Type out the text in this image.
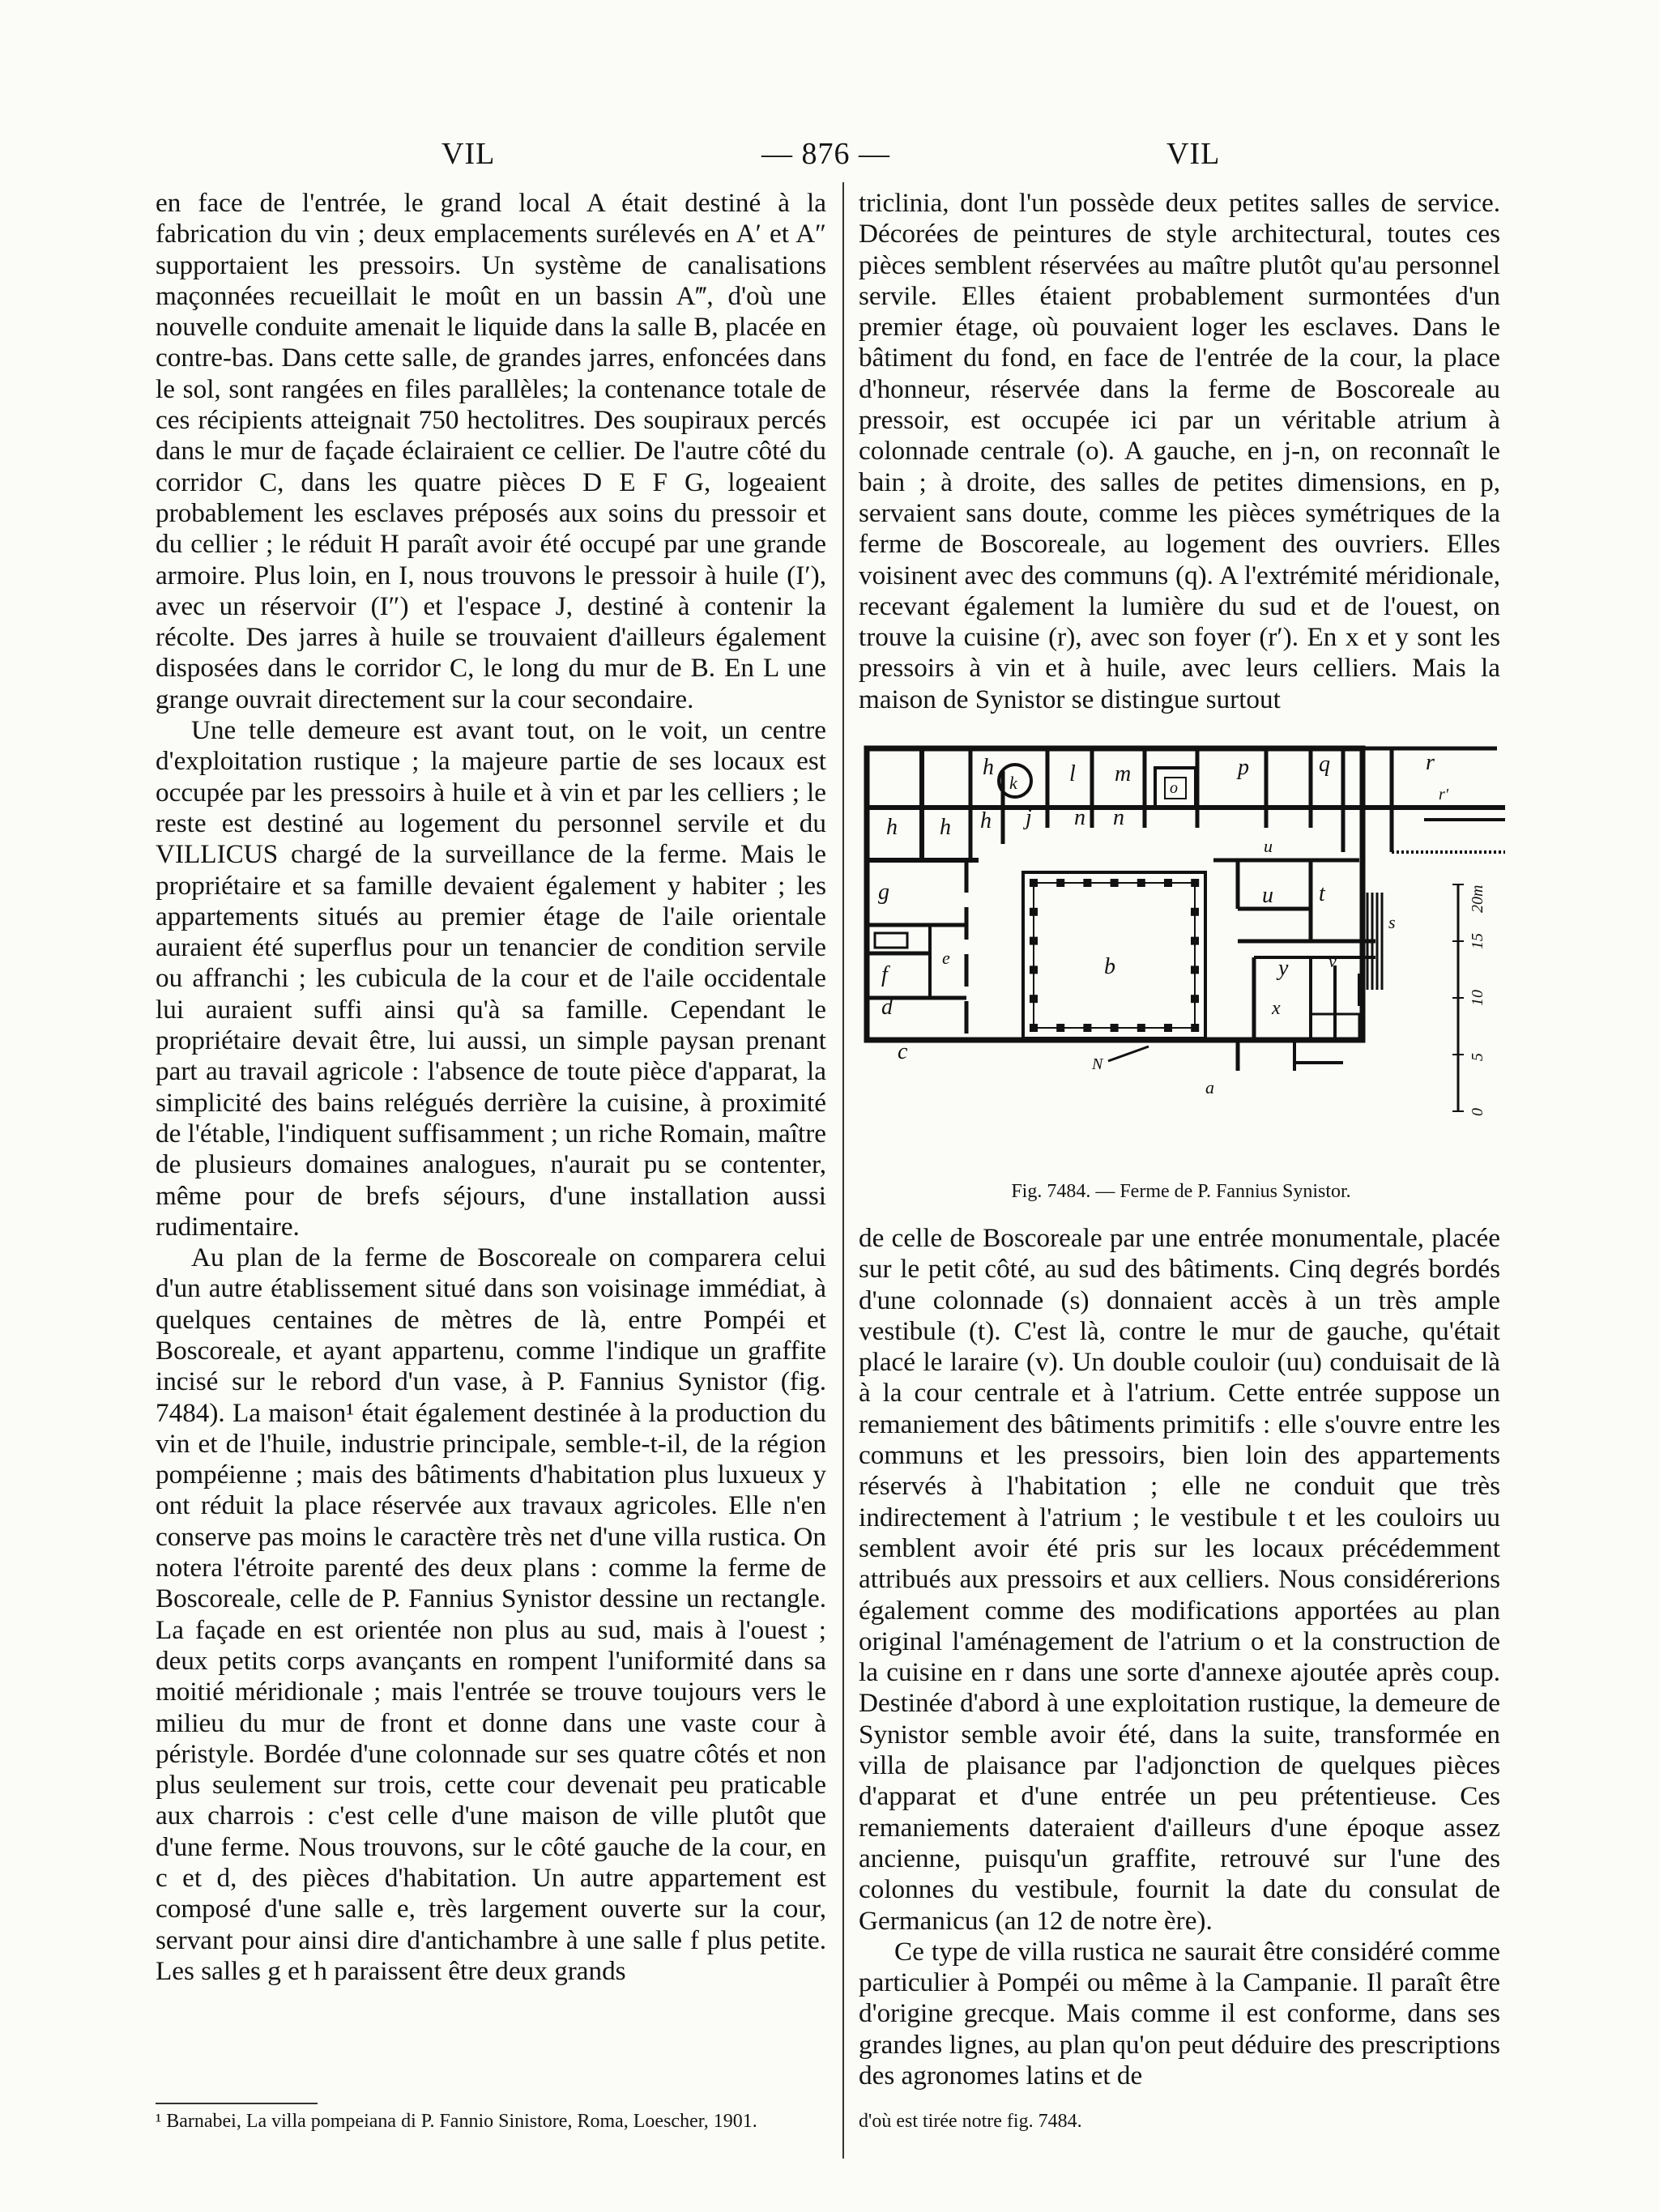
VIL	— 876 —	VIL

en face de l'entrée, le grand local A était destiné à la fabrication du vin ; deux emplacements surélevés en A′ et A″ supportaient les pressoirs. Un système de canalisations maçonnées recueillait le moût en un bassin A‴, d'où une nouvelle conduite amenait le liquide dans la salle B, placée en contre-bas. Dans cette salle, de grandes jarres, enfoncées dans le sol, sont rangées en files parallèles; la contenance totale de ces récipients atteignait 750 hectolitres. Des soupiraux percés dans le mur de façade éclairaient ce cellier. De l'autre côté du corridor C, dans les quatre pièces D E F G, logeaient probablement les esclaves préposés aux soins du pressoir et du cellier ; le réduit H paraît avoir été occupé par une grande armoire. Plus loin, en I, nous trouvons le pressoir à huile (I′), avec un réservoir (I″) et l'espace J, destiné à contenir la récolte. Des jarres à huile se trouvaient d'ailleurs également disposées dans le corridor C, le long du mur de B. En L une grange ouvrait directement sur la cour secondaire.

Une telle demeure est avant tout, on le voit, un centre d'exploitation rustique ; la majeure partie de ses locaux est occupée par les pressoirs à huile et à vin et par les celliers ; le reste est destiné au logement du personnel servile et du VILLICUS chargé de la surveillance de la ferme. Mais le propriétaire et sa famille devaient également y habiter ; les appartements situés au premier étage de l'aile orientale auraient été superflus pour un tenancier de condition servile ou affranchi ; les cubicula de la cour et de l'aile occidentale lui auraient suffi ainsi qu'à sa famille. Cependant le propriétaire devait être, lui aussi, un simple paysan prenant part au travail agricole : l'absence de toute pièce d'apparat, la simplicité des bains relégués derrière la cuisine, à proximité de l'étable, l'indiquent suffisamment ; un riche Romain, maître de plusieurs domaines analogues, n'aurait pu se contenter, même pour de brefs séjours, d'une installation aussi rudimentaire.

Au plan de la ferme de Boscoreale on comparera celui d'un autre établissement situé dans son voisinage immédiat, à quelques centaines de mètres de là, entre Pompéi et Boscoreale, et ayant appartenu, comme l'indique un graffite incisé sur le rebord d'un vase, à P. Fannius Synistor (fig. 7484). La maison¹ était également destinée à la production du vin et de l'huile, industrie principale, semble-t-il, de la région pompéienne ; mais des bâtiments d'habitation plus luxueux y ont réduit la place réservée aux travaux agricoles. Elle n'en conserve pas moins le caractère très net d'une villa rustica. On notera l'étroite parenté des deux plans : comme la ferme de Boscoreale, celle de P. Fannius Synistor dessine un rectangle. La façade en est orientée non plus au sud, mais à l'ouest ; deux petits corps avançants en rompent l'uniformité dans sa moitié méridionale ; mais l'entrée se trouve toujours vers le milieu du mur de front et donne dans une vaste cour à péristyle. Bordée d'une colonnade sur ses quatre côtés et non plus seulement sur trois, cette cour devenait peu praticable aux charrois : c'est celle d'une maison de ville plutôt que d'une ferme. Nous trouvons, sur le côté gauche de la cour, en c et d, des pièces d'habitation. Un autre appartement est composé d'une salle e, très largement ouverte sur la cour, servant pour ainsi dire d'antichambre à une salle f plus petite. Les salles g et h paraissent être deux grands

triclinia, dont l'un possède deux petites salles de service. Décorées de peintures de style architectural, toutes ces pièces semblent réservées au maître plutôt qu'au personnel servile. Elles étaient probablement surmontées d'un premier étage, où pouvaient loger les esclaves. Dans le bâtiment du fond, en face de l'entrée de la cour, la place d'honneur, réservée dans la ferme de Boscoreale au pressoir, est occupée ici par un véritable atrium à colonnade centrale (o). A gauche, en j-n, on reconnaît le bain ; à droite, des salles de petites dimensions, en p, servaient sans doute, comme les pièces symétriques de la ferme de Boscoreale, au logement des ouvriers. Elles voisinent avec des communs (q). A l'extrémité méridionale, recevant également la lumière du sud et de l'ouest, on trouve la cuisine (r), avec son foyer (r′). En x et y sont les pressoirs à vin et à huile, avec leurs celliers. Mais la maison de Synistor se distingue surtout

h
k l m
o
p	q	r
r′
h h h j n n
u
u
g	t
s
f
e	b	y v
d	x
c
a
N
20m
15
10
5
0
Fig. 7484. — Ferme de P. Fannius Synistor.

de celle de Boscoreale par une entrée monumentale, placée sur le petit côté, au sud des bâtiments. Cinq degrés bordés d'une colonnade (s) donnaient accès à un très ample vestibule (t). C'est là, contre le mur de gauche, qu'était placé le laraire (v). Un double couloir (uu) conduisait de là à la cour centrale et à l'atrium. Cette entrée suppose un remaniement des bâtiments primitifs : elle s'ouvre entre les communs et les pressoirs, bien loin des appartements réservés à l'habitation ; elle ne conduit que très indirectement à l'atrium ; le vestibule t et les couloirs uu semblent avoir été pris sur les locaux précédemment attribués aux pressoirs et aux celliers. Nous considérerions également comme des modifications apportées au plan original l'aménagement de l'atrium o et la construction de la cuisine en r dans une sorte d'annexe ajoutée après coup. Destinée d'abord à une exploitation rustique, la demeure de Synistor semble avoir été, dans la suite, transformée en villa de plaisance par l'adjonction de quelques pièces d'apparat et d'une entrée un peu prétentieuse. Ces remaniements dateraient d'ailleurs d'une époque assez ancienne, puisqu'un graffite, retrouvé sur l'une des colonnes du vestibule, fournit la date du consulat de Germanicus (an 12 de notre ère).

Ce type de villa rustica ne saurait être considéré comme particulier à Pompéi ou même à la Campanie. Il paraît être d'origine grecque. Mais comme il est conforme, dans ses grandes lignes, au plan qu'on peut déduire des prescriptions des agronomes latins et de

¹ Barnabei, La villa pompeiana di P. Fannio Sinistore, Roma, Loescher, 1901.	d'où est tirée notre fig. 7484.
